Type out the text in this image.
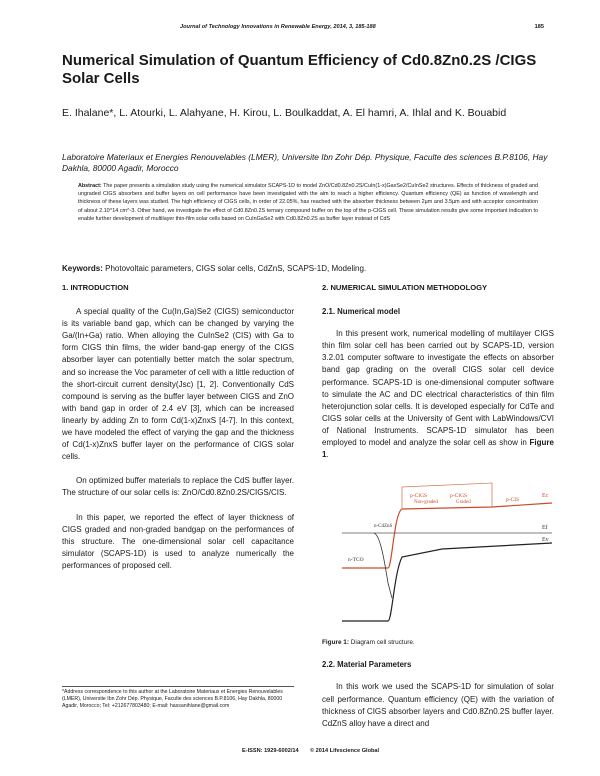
Journal of Technology Innovations in Renewable Energy, 2014, 3, 185-188	185
Numerical Simulation of Quantum Efficiency of Cd0.8Zn0.2S /CIGS Solar Cells
E. Ihalane*, L. Atourki, L. Alahyane, H. Kirou, L. Boulkaddat, A. El hamri, A. Ihlal and K. Bouabid
Laboratoire Materiaux et Energies Renouvelables (LMER), Universite Ibn Zohr Dép. Physique, Faculte des sciences B.P.8106, Hay Dakhla, 80000 Agadir, Morocco
Abstract: The paper presents a simulation study using the numerical simulator SCAPS-1D to model ZnO/Cd0.8Zn0.2S/CuIn(1-x)GaxSe2/CuInSe2 structures. Effects of thickness of graded and ungraded CIGS absorbers and buffer layers on cell performance have been investigated with the aim to reach a higher efficiency. Quantum efficiency (QE) as function of wavelength and thickness of these layers was studied. The high efficiency of CIGS cells, in order of 22.05%, has reached with the absorber thickness between 2µm and 3.5µm and with acceptor concentration of about 2.10^14 cm^-3. Other hand, we investigate the effect of Cd0.8Zn0.2S ternary compound buffer on the top of the p-CIGS cell. These simulation results give some important indication to enable further development of multilayer thin-film solar cells based on CuInGaSe2 with Cd0.8Zn0.2S as buffer layer instead of CdS
Keywords: Photovoltaic parameters, CIGS solar cells, CdZnS, SCAPS-1D, Modeling.
1. INTRODUCTION

A special quality of the Cu(In,Ga)Se2 (CIGS) semiconductor is its variable band gap, which can be changed by varying the Ga/(In+Ga) ratio. When alloying the CuInSe2 (CIS) with Ga to form CIGS thin films, the wider band-gap energy of the CIGS absorber layer can potentially better match the solar spectrum, and so increase the Voc parameter of cell with a little reduction of the short-circuit current density(Jsc) [1, 2]. Conventionally CdS compound is serving as the buffer layer between CIGS and ZnO with band gap in order of 2.4 eV [3], which can be increased linearly by adding Zn to form Cd(1-x)ZnxS [4-7]. In this context, we have modeled the effect of varying the gap and the thickness of Cd(1-x)ZnxS buffer layer on the performance of CIGS solar cells.

On optimized buffer materials to replace the CdS buffer layer. The structure of our solar cells is: ZnO/Cd0.8Zn0.2S/CIGS/CIS.

In this paper, we reported the effect of layer thickness of CIGS graded and non-graded bandgap on the performances of this structure. The one-dimensional solar cell capacitance simulator (SCAPS-1D) is used to analyze numerically the performances of proposed cell.

2. NUMERICAL SIMULATION METHODOLOGY
2.1. Numerical model

In this present work, numerical modelling of multilayer CIGS thin film solar cell has been carried out by SCAPS-1D, version 3.2.01 computer software to investigate the effects on absorber band gap grading on the overall CIGS solar cell device performance. SCAPS-1D is one-dimensional computer software to simulate the AC and DC electrical characteristics of thin film heterojunction solar cells. It is developed especially for CdTe and CIGS solar cells at the University of Gent with LabWindows/CVI of National Instruments. SCAPS-1D simulator has been employed to model and analyze the solar cell as show in Figure 1.

p-CIGS
Non-graded
p-CIGS
Graded	p-CIS
n-CdZnS
n-TCO
Ec
Ef
Ev
Figure 1: Diagram cell structure.
2.2. Material Parameters

In this work we used the SCAPS-1D for simulation of solar cell performance. Quantum efficiency (QE) with the variation of thickness of CIGS absorber layers and Cd0.8Zn0.2S buffer layer. CdZnS alloy have a direct and

*Address correspondence to this author at the Laboratoire Materiaux et Energies Renouvelables (LMER), Universite Ibn Zohr Dép. Physique, Faculte des sciences B.P.8106, Hay Dakhla, 80000 Agadir, Morocco; Tel: +212677803480; E-mail: hassanihlane@gmail.com
E-ISSN: 1929-6002/14 © 2014 Lifescience Global
